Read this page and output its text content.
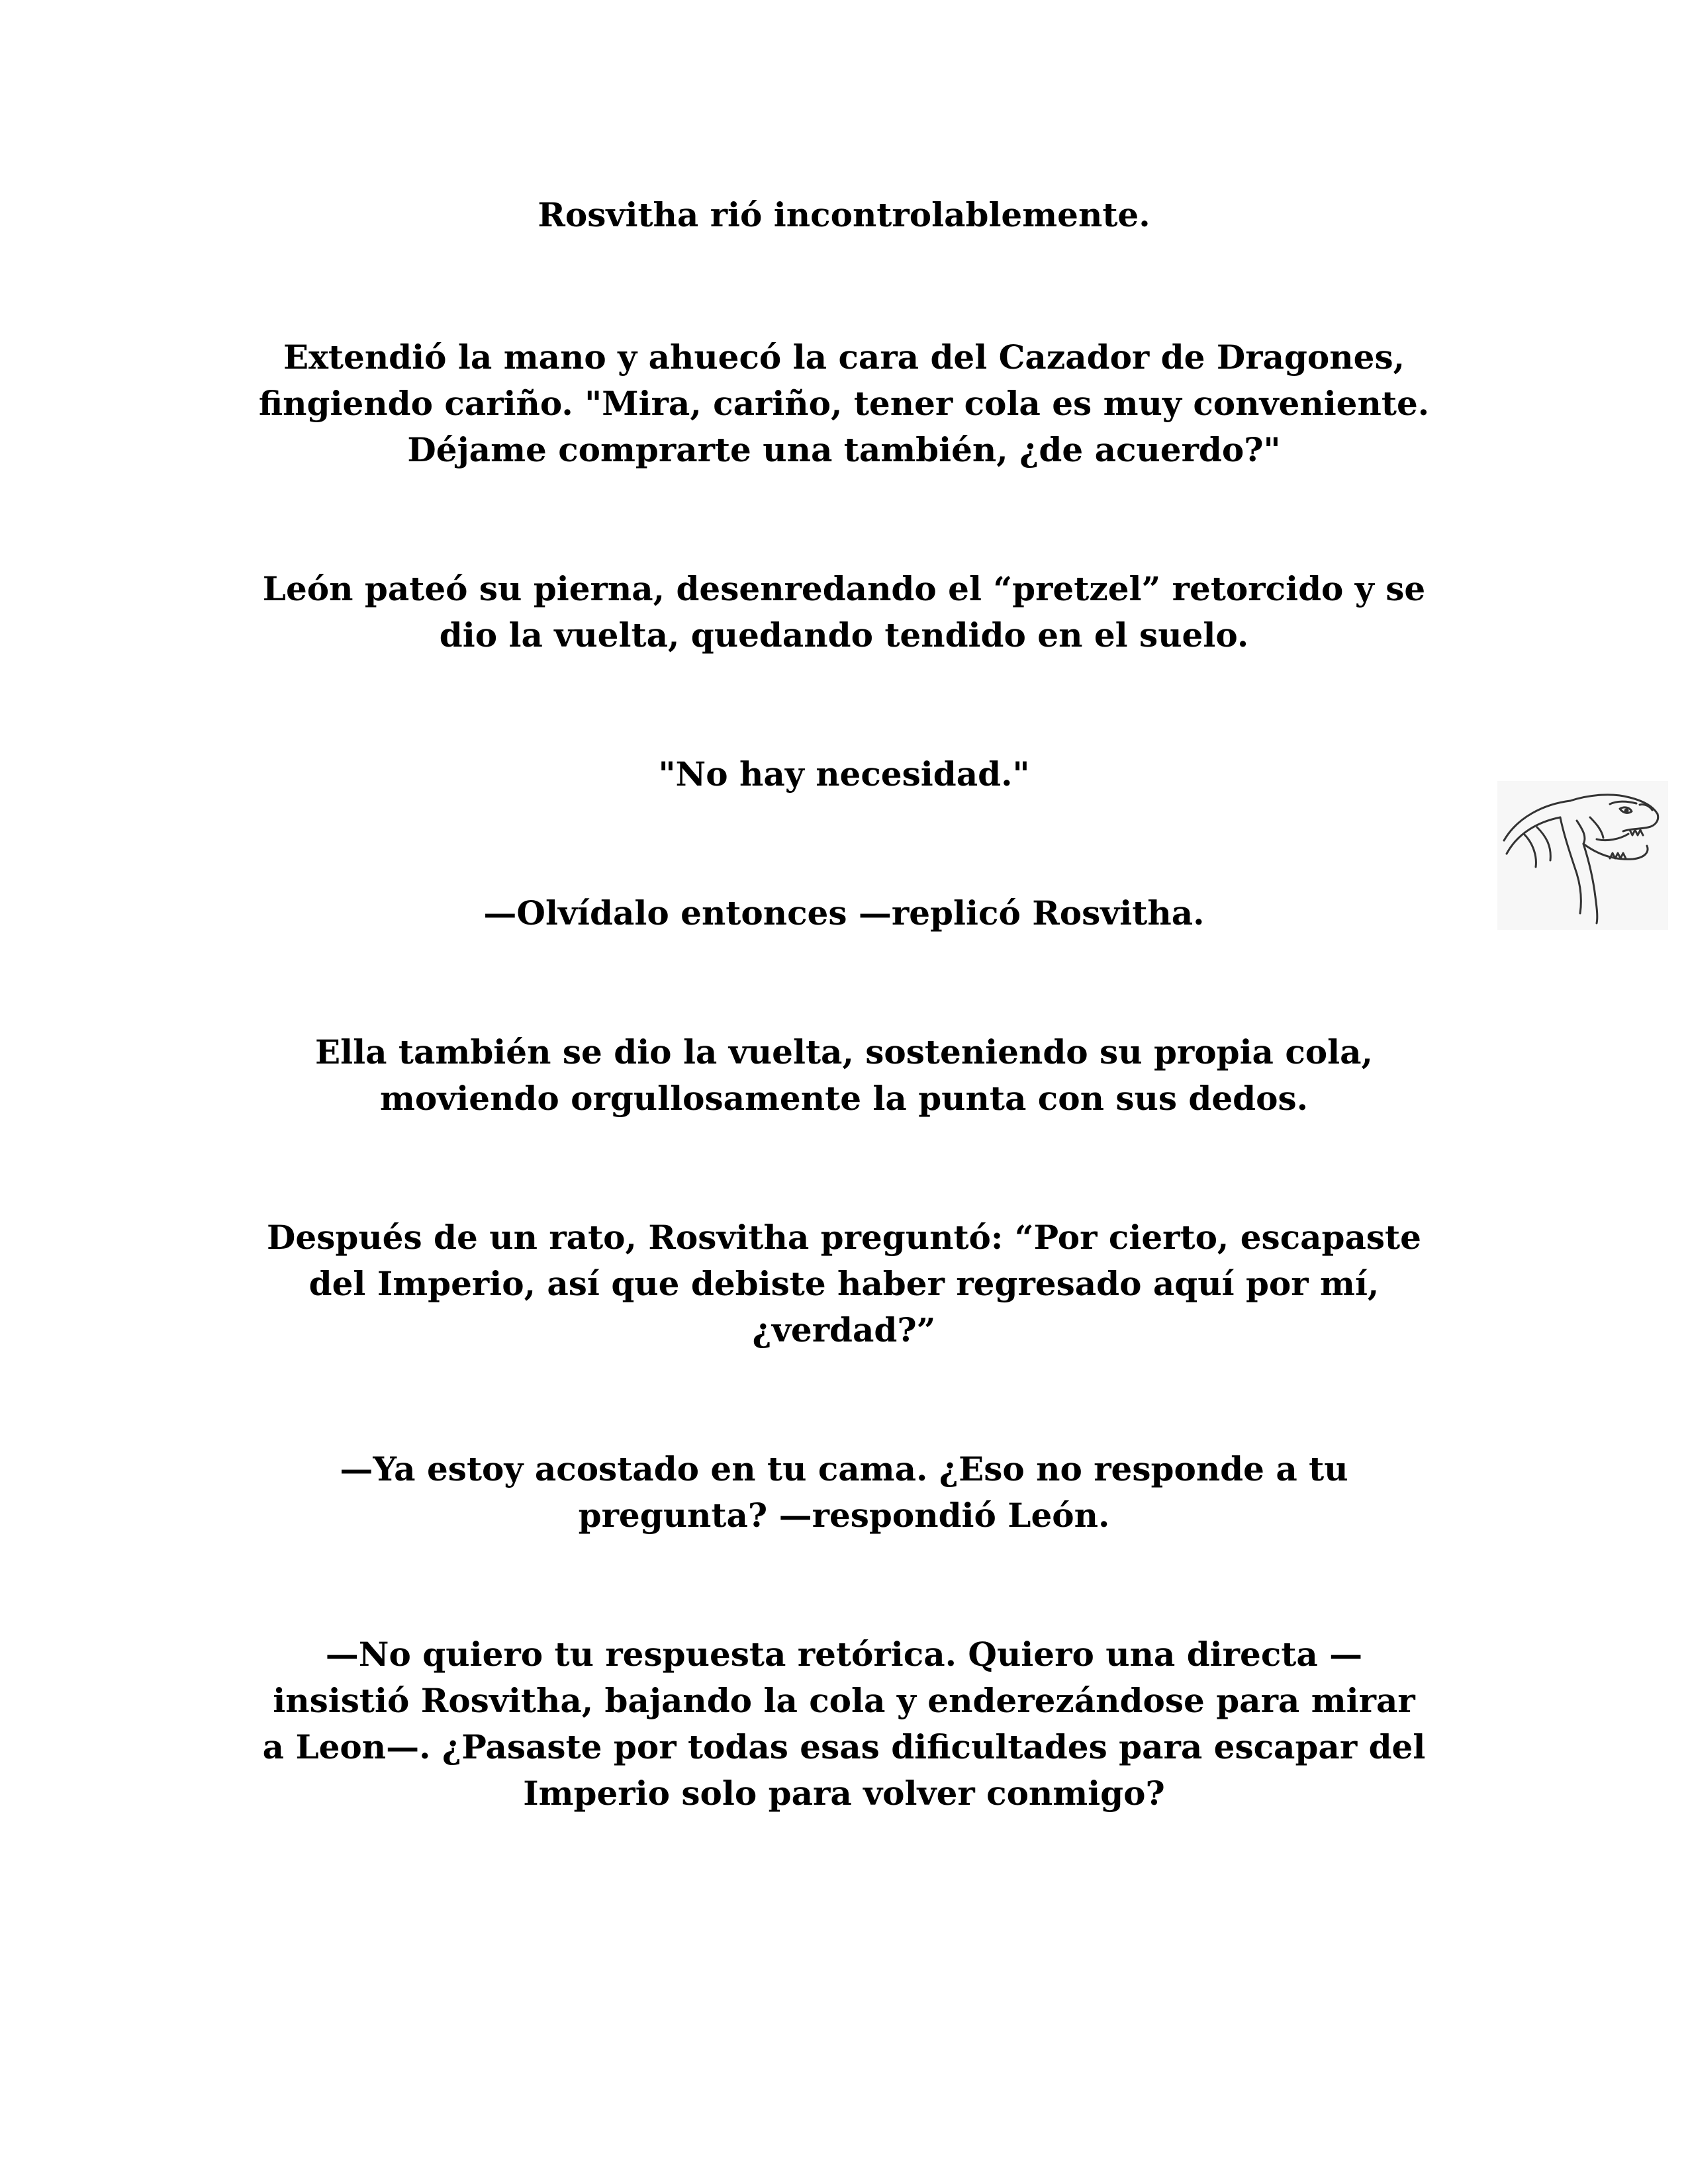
Rosvitha rió incontrolablemente.
Extendió la mano y ahuecó la cara del Cazador de Dragones,
fingiendo cariño. "Mira, cariño, tener cola es muy conveniente.
Déjame comprarte una también, ¿de acuerdo?"
León pateó su pierna, desenredando el “pretzel” retorcido y se
dio la vuelta, quedando tendido en el suelo.
"No hay necesidad."
—Olvídalo entonces —replicó Rosvitha.
Ella también se dio la vuelta, sosteniendo su propia cola,
moviendo orgullosamente la punta con sus dedos.
Después de un rato, Rosvitha preguntó: “Por cierto, escapaste
del Imperio, así que debiste haber regresado aquí por mí,
¿verdad?”
—Ya estoy acostado en tu cama. ¿Eso no responde a tu
pregunta? —respondió León.
—No quiero tu respuesta retórica. Quiero una directa —
insistió Rosvitha, bajando la cola y enderezándose para mirar
a Leon—. ¿Pasaste por todas esas dificultades para escapar del
Imperio solo para volver conmigo?
